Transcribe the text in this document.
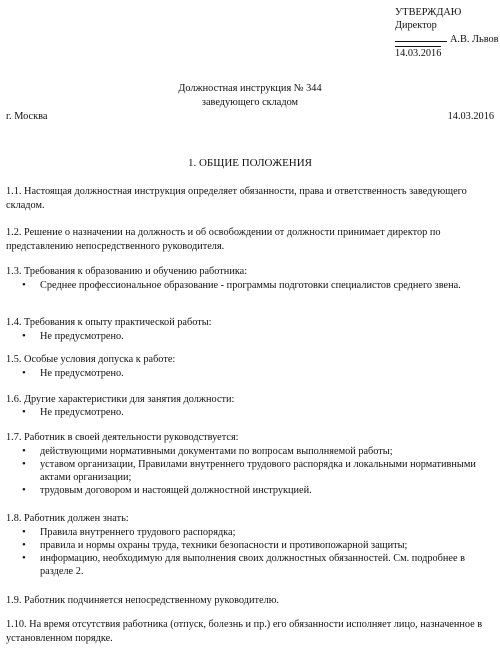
УТВЕРЖДАЮ
Директор
А.В. Львов
14.03.2016
Должностная инструкция № 344
заведующего складом
г. Москва	14.03.2016
1. ОБЩИЕ ПОЛОЖЕНИЯ
1.1. Настоящая должностная инструкция определяет обязанности, права и ответственность заведующего складом.
1.2. Решение о назначении на должность и об освобождении от должности принимает директор по представлению непосредственного руководителя.
1.3. Требования к образованию и обучению работника:
• Среднее профессиональное образование - программы подготовки специалистов среднего звена.
1.4. Требования к опыту практической работы:
• Не предусмотрено.
1.5. Особые условия допуска к работе:
• Не предусмотрено.
1.6. Другие характеристики для занятия должности:
• Не предусмотрено.
1.7. Работник в своей деятельности руководствуется:
• действующими нормативными документами по вопросам выполняемой работы;
• уставом организации, Правилами внутреннего трудового распорядка и локальными нормативными актами организации;
• трудовым договором и настоящей должностной инструкцией.
1.8. Работник должен знать:
• Правила внутреннего трудового распорядка;
• правила и нормы охраны труда, техники безопасности и противопожарной защиты;
• информацию, необходимую для выполнения своих должностных обязанностей. См. подробнее в разделе 2.
1.9. Работник подчиняется непосредственному руководителю.
1.10. На время отсутствия работника (отпуск, болезнь и пр.) его обязанности исполняет лицо, назначенное в установленном порядке.
